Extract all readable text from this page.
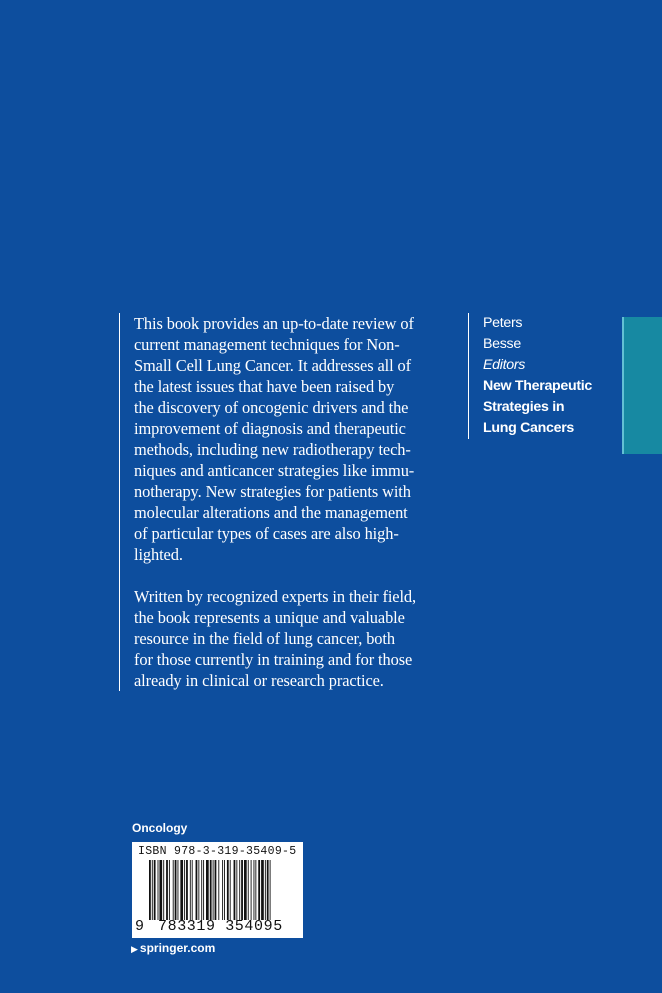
This book provides an up-to-date review of
current management techniques for Non-
Small Cell Lung Cancer. It addresses all of
the latest issues that have been raised by
the discovery of oncogenic drivers and the
improvement of diagnosis and therapeutic
methods, including new radiotherapy tech-
niques and anticancer strategies like immu-
notherapy. New strategies for patients with
molecular alterations and the management
of particular types of cases are also high-
lighted.

Written by recognized experts in their field,
the book represents a unique and valuable
resource in the field of lung cancer, both
for those currently in training and for those
already in clinical or research practice.

Peters
Besse
Editors
New Therapeutic
Strategies in
Lung Cancers
Oncology
ISBN 978-3-319-35409-5
9 783319 354095
▶ springer.com
